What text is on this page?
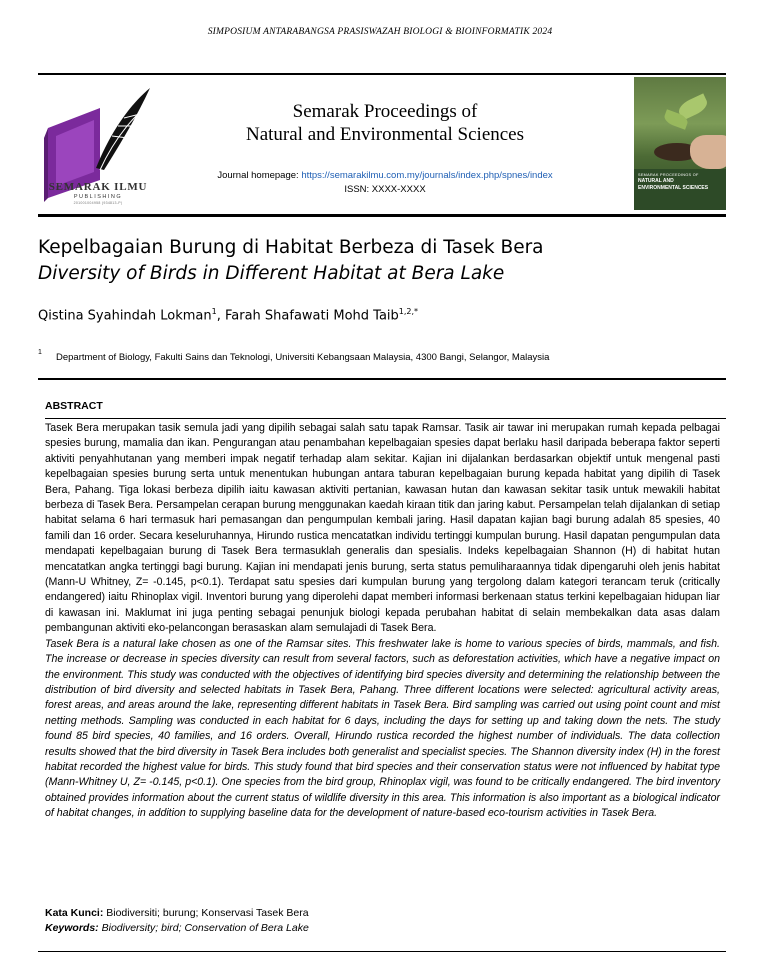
SIMPOSIUM ANTARABANGSA PRASISWAZAH BIOLOGI & BIOINFORMATIK 2024
SEMARAK ILMU
PUBLISHING
201001004958 (934813-P)
Semarak Proceedings of
Natural and Environmental Sciences
Journal homepage: https://semarakilmu.com.my/journals/index.php/spnes/index
ISSN: XXXX-XXXX
SEMARAK PROCEEDINGS OF
NATURAL AND
ENVIRONMENTAL SCIENCES
Kepelbagaian Burung di Habitat Berbeza di Tasek Bera
Diversity of Birds in Different Habitat at Bera Lake
Qistina Syahindah Lokman$^1$, Farah Shafawati Mohd Taib$^{1,2,*}$
1 Department of Biology, Fakulti Sains dan Teknologi, Universiti Kebangsaan Malaysia, 4300 Bangi, Selangor, Malaysia
ABSTRACT
Tasek Bera merupakan tasik semula jadi yang dipilih sebagai salah satu tapak Ramsar. Tasik air tawar ini merupakan rumah kepada pelbagai spesies burung, mamalia dan ikan. Pengurangan atau penambahan kepelbagaian spesies dapat berlaku hasil daripada beberapa faktor seperti aktiviti penyahhutanan yang memberi impak negatif terhadap alam sekitar. Kajian ini dijalankan berdasarkan objektif untuk mengenal pasti kepelbagaian spesies burung serta untuk menentukan hubungan antara taburan kepelbagaian burung kepada habitat yang dipilih di Tasek Bera, Pahang. Tiga lokasi berbeza dipilih iaitu kawasan aktiviti pertanian, kawasan hutan dan kawasan sekitar tasik untuk mewakili habitat berbeza di Tasek Bera. Persampelan cerapan burung menggunakan kaedah kiraan titik dan jaring kabut. Persampelan telah dijalankan di setiap habitat selama 6 hari termasuk hari pemasangan dan pengumpulan kembali jaring. Hasil dapatan kajian bagi burung adalah 85 spesies, 40 famili dan 16 order. Secara keseluruhannya, Hirundo rustica mencatatkan individu tertinggi kumpulan burung. Hasil dapatan pengumpulan data mendapati kepelbagaian burung di Tasek Bera termasuklah generalis dan spesialis. Indeks kepelbagaian Shannon (H) di habitat hutan mencatatkan angka tertinggi bagi burung. Kajian ini mendapati jenis burung, serta status pemuliharaannya tidak dipengaruhi oleh jenis habitat (Mann-U Whitney, Z= -0.145, p<0.1). Terdapat satu spesies dari kumpulan burung yang tergolong dalam kategori terancam teruk (critically endangered) iaitu Rhinoplax vigil. Inventori burung yang diperolehi dapat memberi informasi berkenaan status terkini kepelbagaian hidupan liar di kawasan ini. Maklumat ini juga penting sebagai penunjuk biologi kepada perubahan habitat di selain membekalkan data asas dalam pembangunan aktiviti eko-pelancongan berasaskan alam semulajadi di Tasek Bera.
Tasek Bera is a natural lake chosen as one of the Ramsar sites. This freshwater lake is home to various species of birds, mammals, and fish. The increase or decrease in species diversity can result from several factors, such as deforestation activities, which have a negative impact on the environment. This study was conducted with the objectives of identifying bird species diversity and determining the relationship between the distribution of bird diversity and selected habitats in Tasek Bera, Pahang. Three different locations were selected: agricultural activity areas, forest areas, and areas around the lake, representing different habitats in Tasek Bera. Bird sampling was carried out using point count and mist netting methods. Sampling was conducted in each habitat for 6 days, including the days for setting up and taking down the nets. The study found 85 bird species, 40 families, and 16 orders. Overall, Hirundo rustica recorded the highest number of individuals. The data collection results showed that the bird diversity in Tasek Bera includes both generalist and specialist species. The Shannon diversity index (H) in the forest habitat recorded the highest value for birds. This study found that bird species and their conservation status were not influenced by habitat type (Mann-Whitney U, Z= -0.145, p<0.1). One species from the bird group, Rhinoplax vigil, was found to be critically endangered. The bird inventory obtained provides information about the current status of wildlife diversity in this area. This information is also important as a biological indicator of habitat changes, in addition to supplying baseline data for the development of nature-based eco-tourism activities in Tasek Bera.
Kata Kunci: Biodiversiti; burung; Konservasi Tasek Bera
Keywords: Biodiversity; bird; Conservation of Bera Lake
